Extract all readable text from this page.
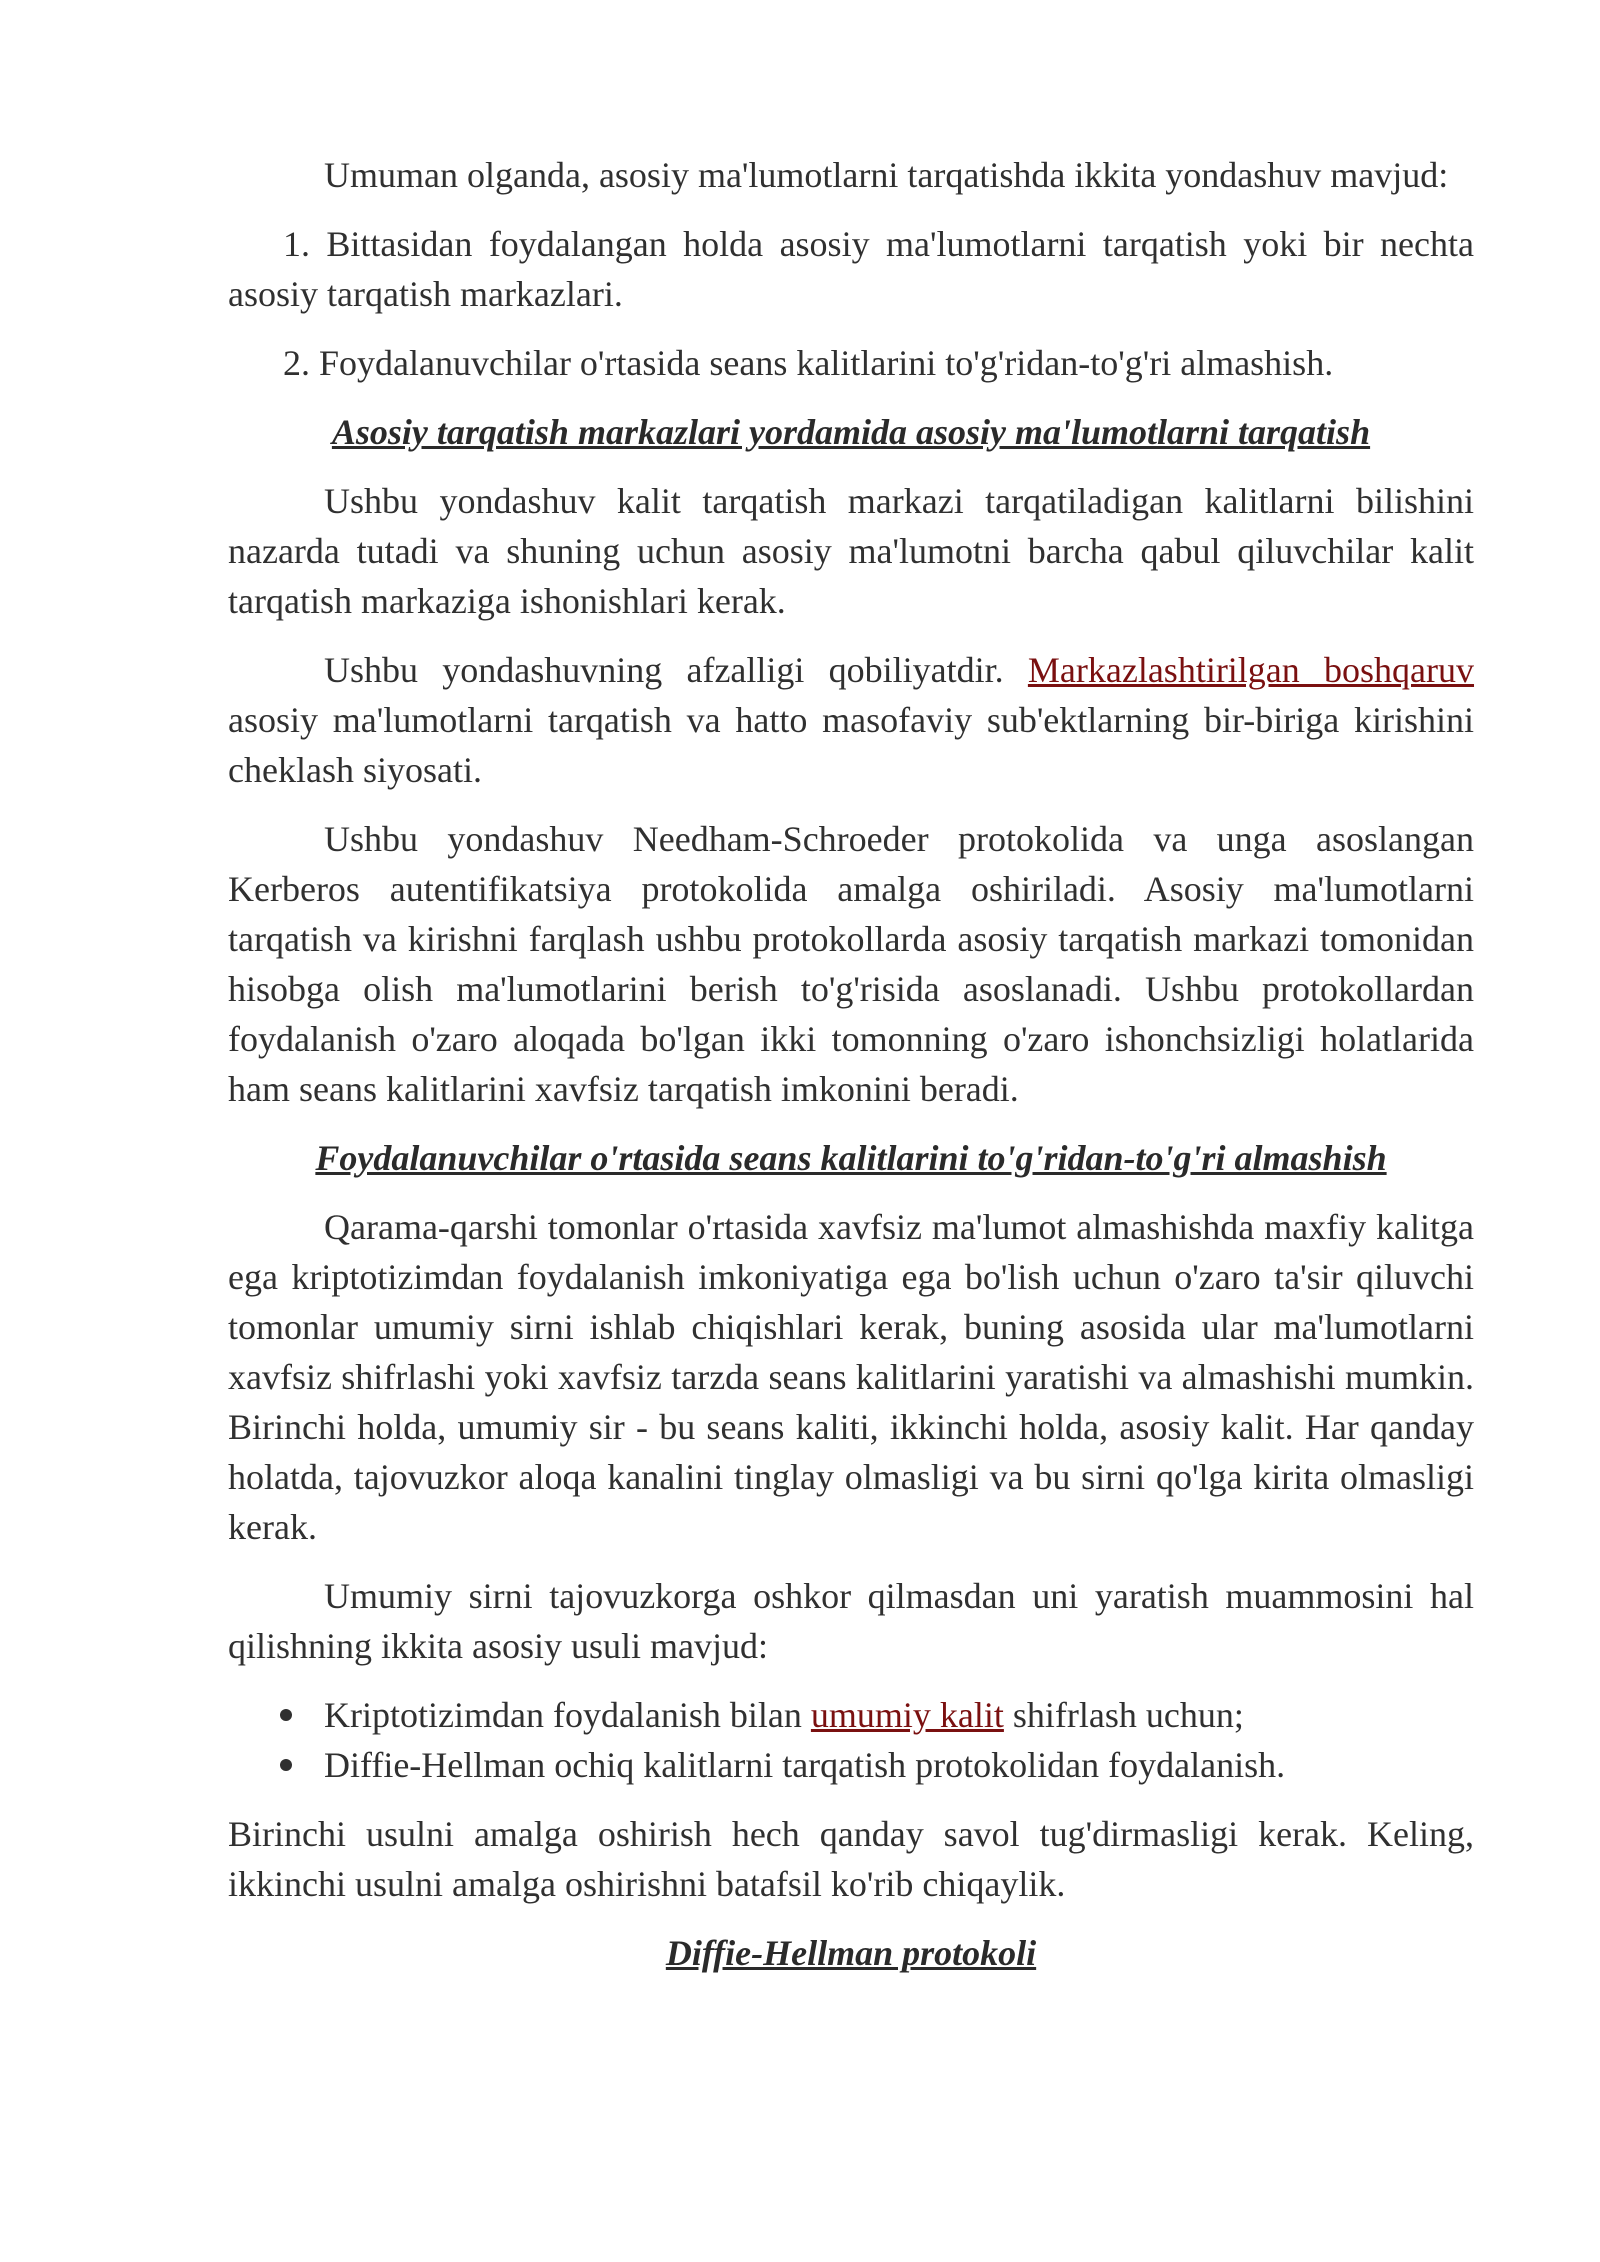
Umuman olganda, asosiy ma'lumotlarni tarqatishda ikkita yondashuv mavjud:

1. Bittasidan foydalangan holda asosiy ma'lumotlarni tarqatish yoki bir nechta asosiy tarqatish markazlari.

2. Foydalanuvchilar o'rtasida seans kalitlarini to'g'ridan-to'g'ri almashish.

Asosiy tarqatish markazlari yordamida asosiy ma'lumotlarni tarqatish

Ushbu yondashuv kalit tarqatish markazi tarqatiladigan kalitlarni bilishini nazarda tutadi va shuning uchun asosiy ma'lumotni barcha qabul qiluvchilar kalit tarqatish markaziga ishonishlari kerak.

Ushbu yondashuvning afzalligi qobiliyatdir. Markazlashtirilgan boshqaruv asosiy ma'lumotlarni tarqatish va hatto masofaviy sub'ektlarning bir-biriga kirishini cheklash siyosati.

Ushbu yondashuv Needham-Schroeder protokolida va unga asoslangan Kerberos autentifikatsiya protokolida amalga oshiriladi. Asosiy ma'lumotlarni tarqatish va kirishni farqlash ushbu protokollarda asosiy tarqatish markazi tomonidan hisobga olish ma'lumotlarini berish to'g'risida asoslanadi. Ushbu protokollardan foydalanish o'zaro aloqada bo'lgan ikki tomonning o'zaro ishonchsizligi holatlarida ham seans kalitlarini xavfsiz tarqatish imkonini beradi.

Foydalanuvchilar o'rtasida seans kalitlarini to'g'ridan-to'g'ri almashish

Qarama-qarshi tomonlar o'rtasida xavfsiz ma'lumot almashishda maxfiy kalitga ega kriptotizimdan foydalanish imkoniyatiga ega bo'lish uchun o'zaro ta'sir qiluvchi tomonlar umumiy sirni ishlab chiqishlari kerak, buning asosida ular ma'lumotlarni xavfsiz shifrlashi yoki xavfsiz tarzda seans kalitlarini yaratishi va almashishi mumkin. Birinchi holda, umumiy sir - bu seans kaliti, ikkinchi holda, asosiy kalit. Har qanday holatda, tajovuzkor aloqa kanalini tinglay olmasligi va bu sirni qo'lga kirita olmasligi kerak.

Umumiy sirni tajovuzkorga oshkor qilmasdan uni yaratish muammosini hal qilishning ikkita asosiy usuli mavjud:

Kriptotizimdan foydalanish bilan umumiy kalit shifrlash uchun;
Diffie-Hellman ochiq kalitlarni tarqatish protokolidan foydalanish.

Birinchi usulni amalga oshirish hech qanday savol tug'dirmasligi kerak. Keling, ikkinchi usulni amalga oshirishni batafsil ko'rib chiqaylik.

Diffie-Hellman protokoli
